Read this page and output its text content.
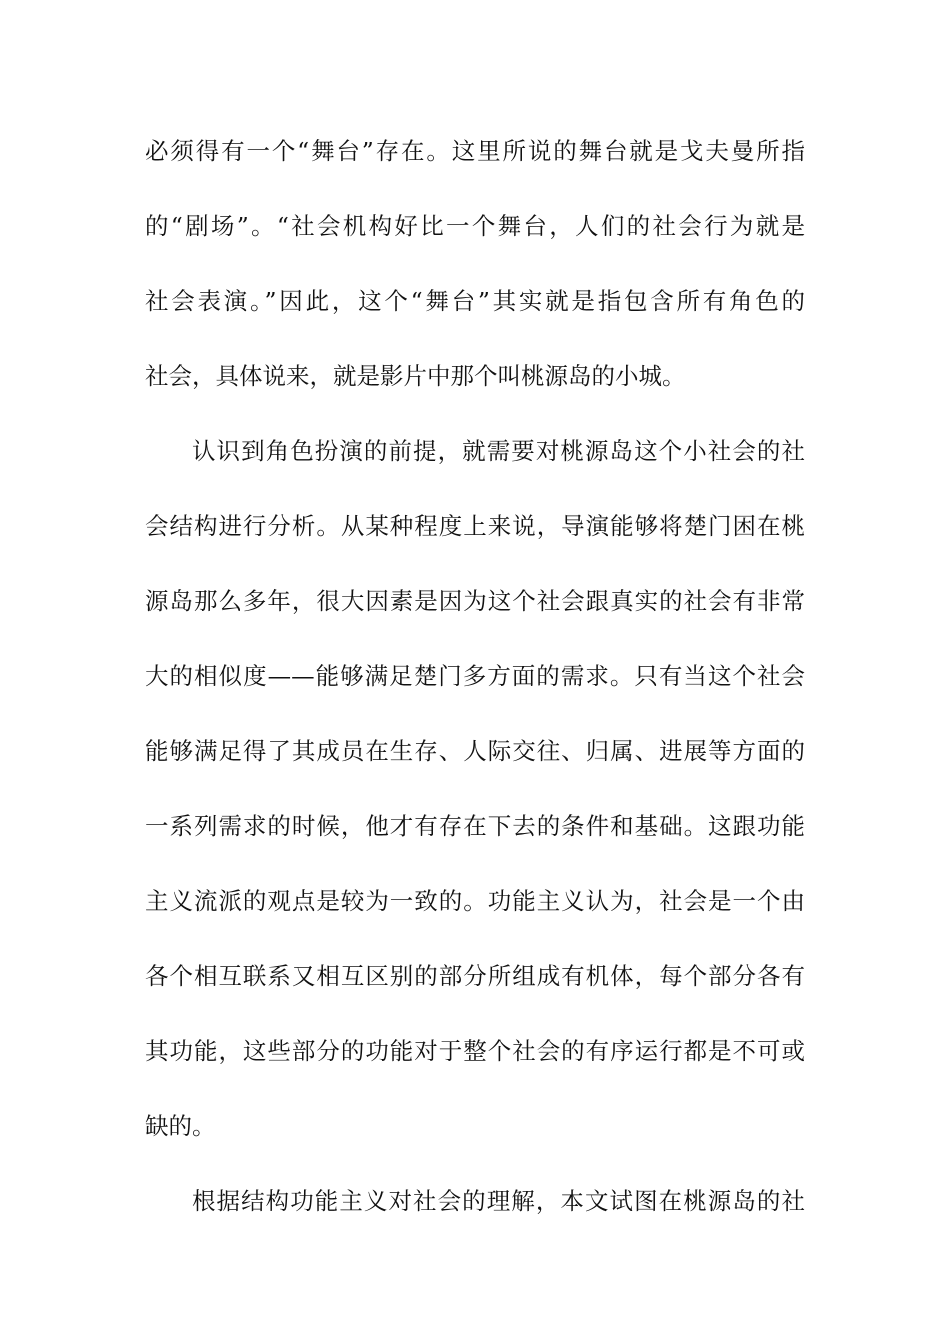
必须得有一个“舞台”存在。这里所说的舞台就是戈夫曼所指
的“剧场”。“社会机构好比一个舞台，人们的社会行为就是
社会表演。”因此，这个“舞台”其实就是指包含所有角色的
社会，具体说来，就是影片中那个叫桃源岛的小城。
认识到角色扮演的前提，就需要对桃源岛这个小社会的社
会结构进行分析。从某种程度上来说，导演能够将楚门困在桃
源岛那么多年，很大因素是因为这个社会跟真实的社会有非常
大的相似度——能够满足楚门多方面的需求。只有当这个社会
能够满足得了其成员在生存、人际交往、归属、进展等方面的
一系列需求的时候，他才有存在下去的条件和基础。这跟功能
主义流派的观点是较为一致的。功能主义认为，社会是一个由
各个相互联系又相互区别的部分所组成有机体，每个部分各有
其功能，这些部分的功能对于整个社会的有序运行都是不可或
缺的。
根据结构功能主义对社会的理解，本文试图在桃源岛的社
